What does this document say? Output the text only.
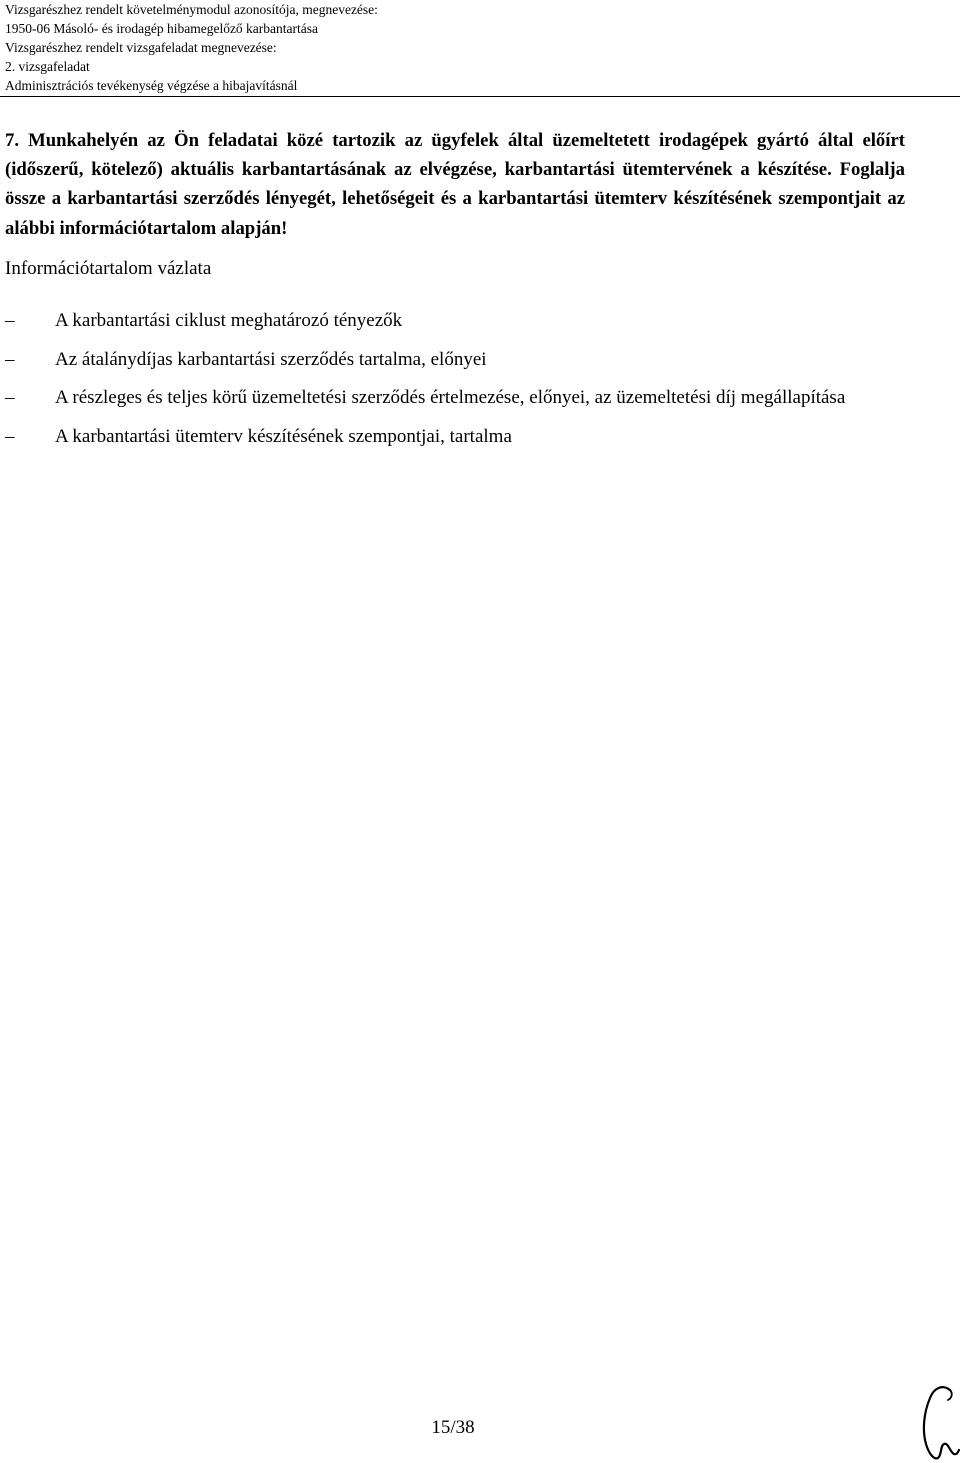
Vizsgarészhez rendelt követelménymodul azonosítója, megnevezése:
1950-06 Másoló- és irodagép hibamegelőző karbantartása
Vizsgarészhez rendelt vizsgafeladat megnevezése:
2. vizsgafeladat
Adminisztrációs tevékenység végzése a hibajavításnál
7. Munkahelyén az Ön feladatai közé tartozik az ügyfelek által üzemeltetett irodagépek gyártó által előírt (időszerű, kötelező) aktuális karbantartásának az elvégzése, karbantartási ütemtervének a készítése. Foglalja össze a karbantartási szerződés lényegét, lehetőségeit és a karbantartási ütemterv készítésének szempontjait az alábbi információtartalom alapján!
Információtartalom vázlata
–	A karbantartási ciklust meghatározó tényezők
–	Az átalánydíjas karbantartási szerződés tartalma, előnyei
–	A részleges és teljes körű üzemeltetési szerződés értelmezése, előnyei, az üzemeltetési díj megállapítása
–	A karbantartási ütemterv készítésének szempontjai, tartalma
15/38
